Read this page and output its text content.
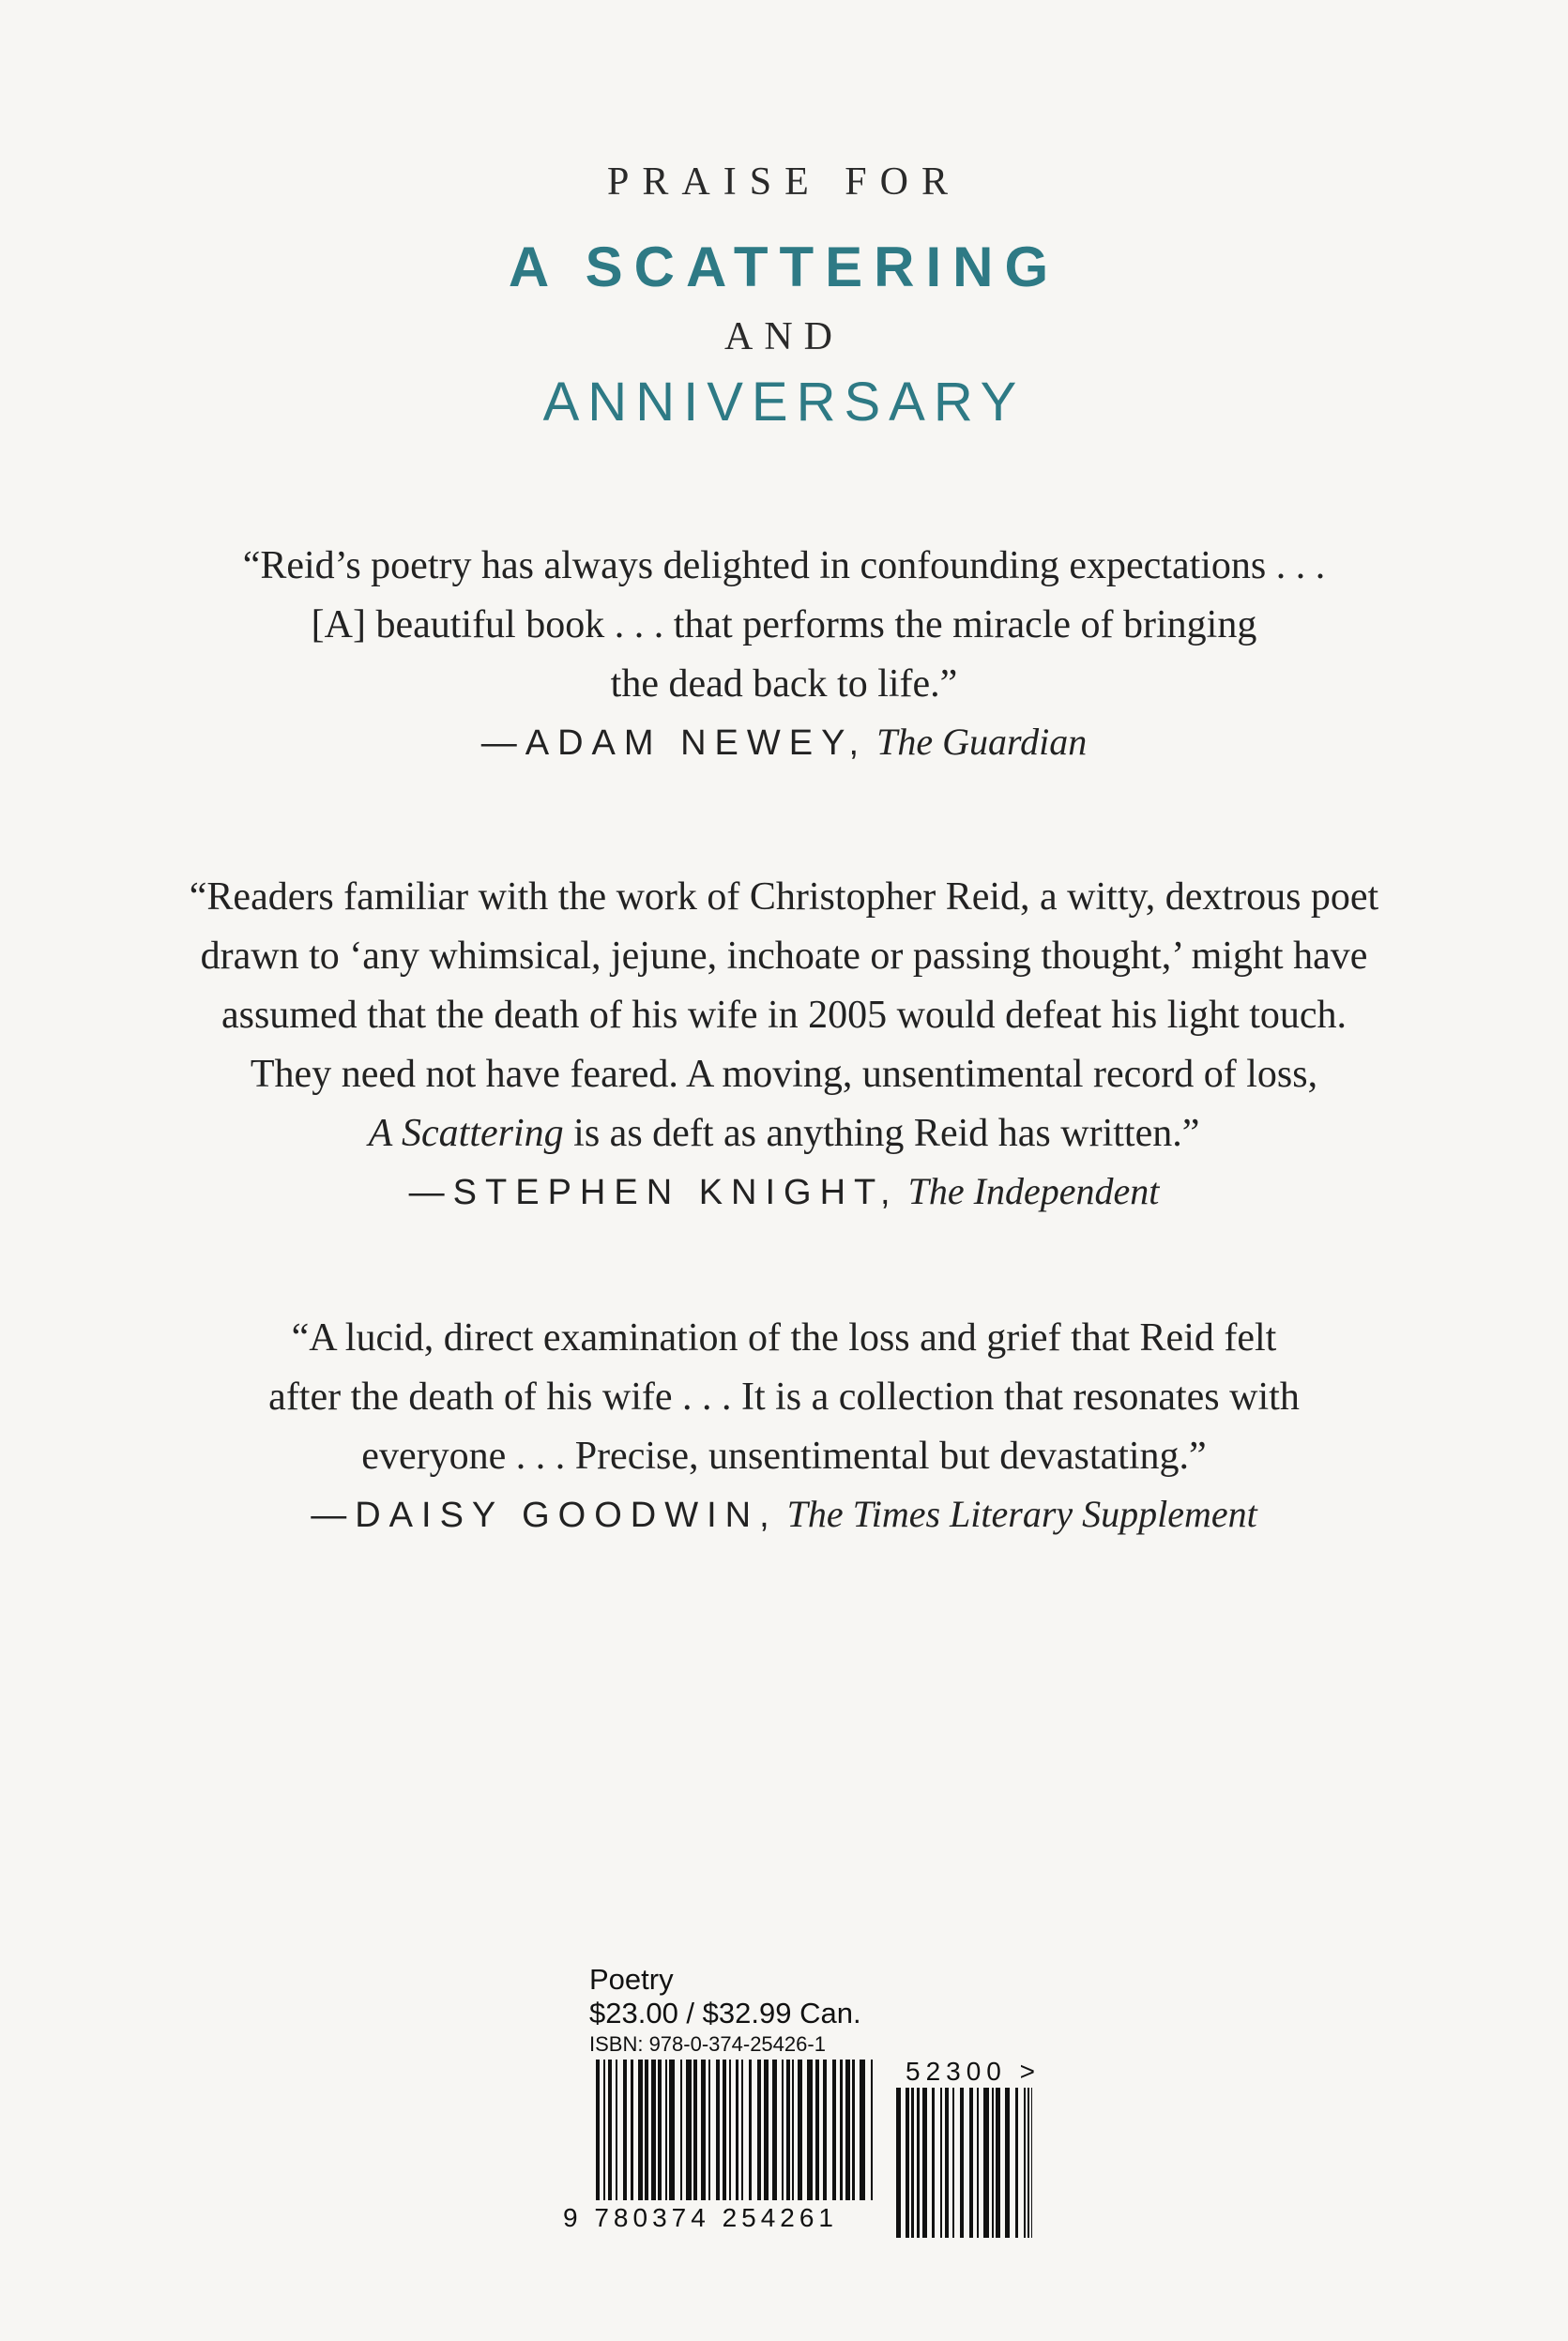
PRAISE FOR
A SCATTERING
AND
ANNIVERSARY
“Reid’s poetry has always delighted in confounding expectations . . .
[A] beautiful book . . . that performs the miracle of bringing
the dead back to life.”
—ADAM NEWEY, The Guardian
“Readers familiar with the work of Christopher Reid, a witty, dextrous poet
drawn to ‘any whimsical, jejune, inchoate or passing thought,’ might have
assumed that the death of his wife in 2005 would defeat his light touch.
They need not have feared. A moving, unsentimental record of loss,
A Scattering is as deft as anything Reid has written.”
—STEPHEN KNIGHT, The Independent
“A lucid, direct examination of the loss and grief that Reid felt
after the death of his wife . . . It is a collection that resonates with
everyone . . . Precise, unsentimental but devastating.”
—DAISY GOODWIN, The Times Literary Supplement
Poetry
$23.00 / $32.99 Can.
ISBN: 978-0-374-25426-1
9 780374 254261
52300 >
